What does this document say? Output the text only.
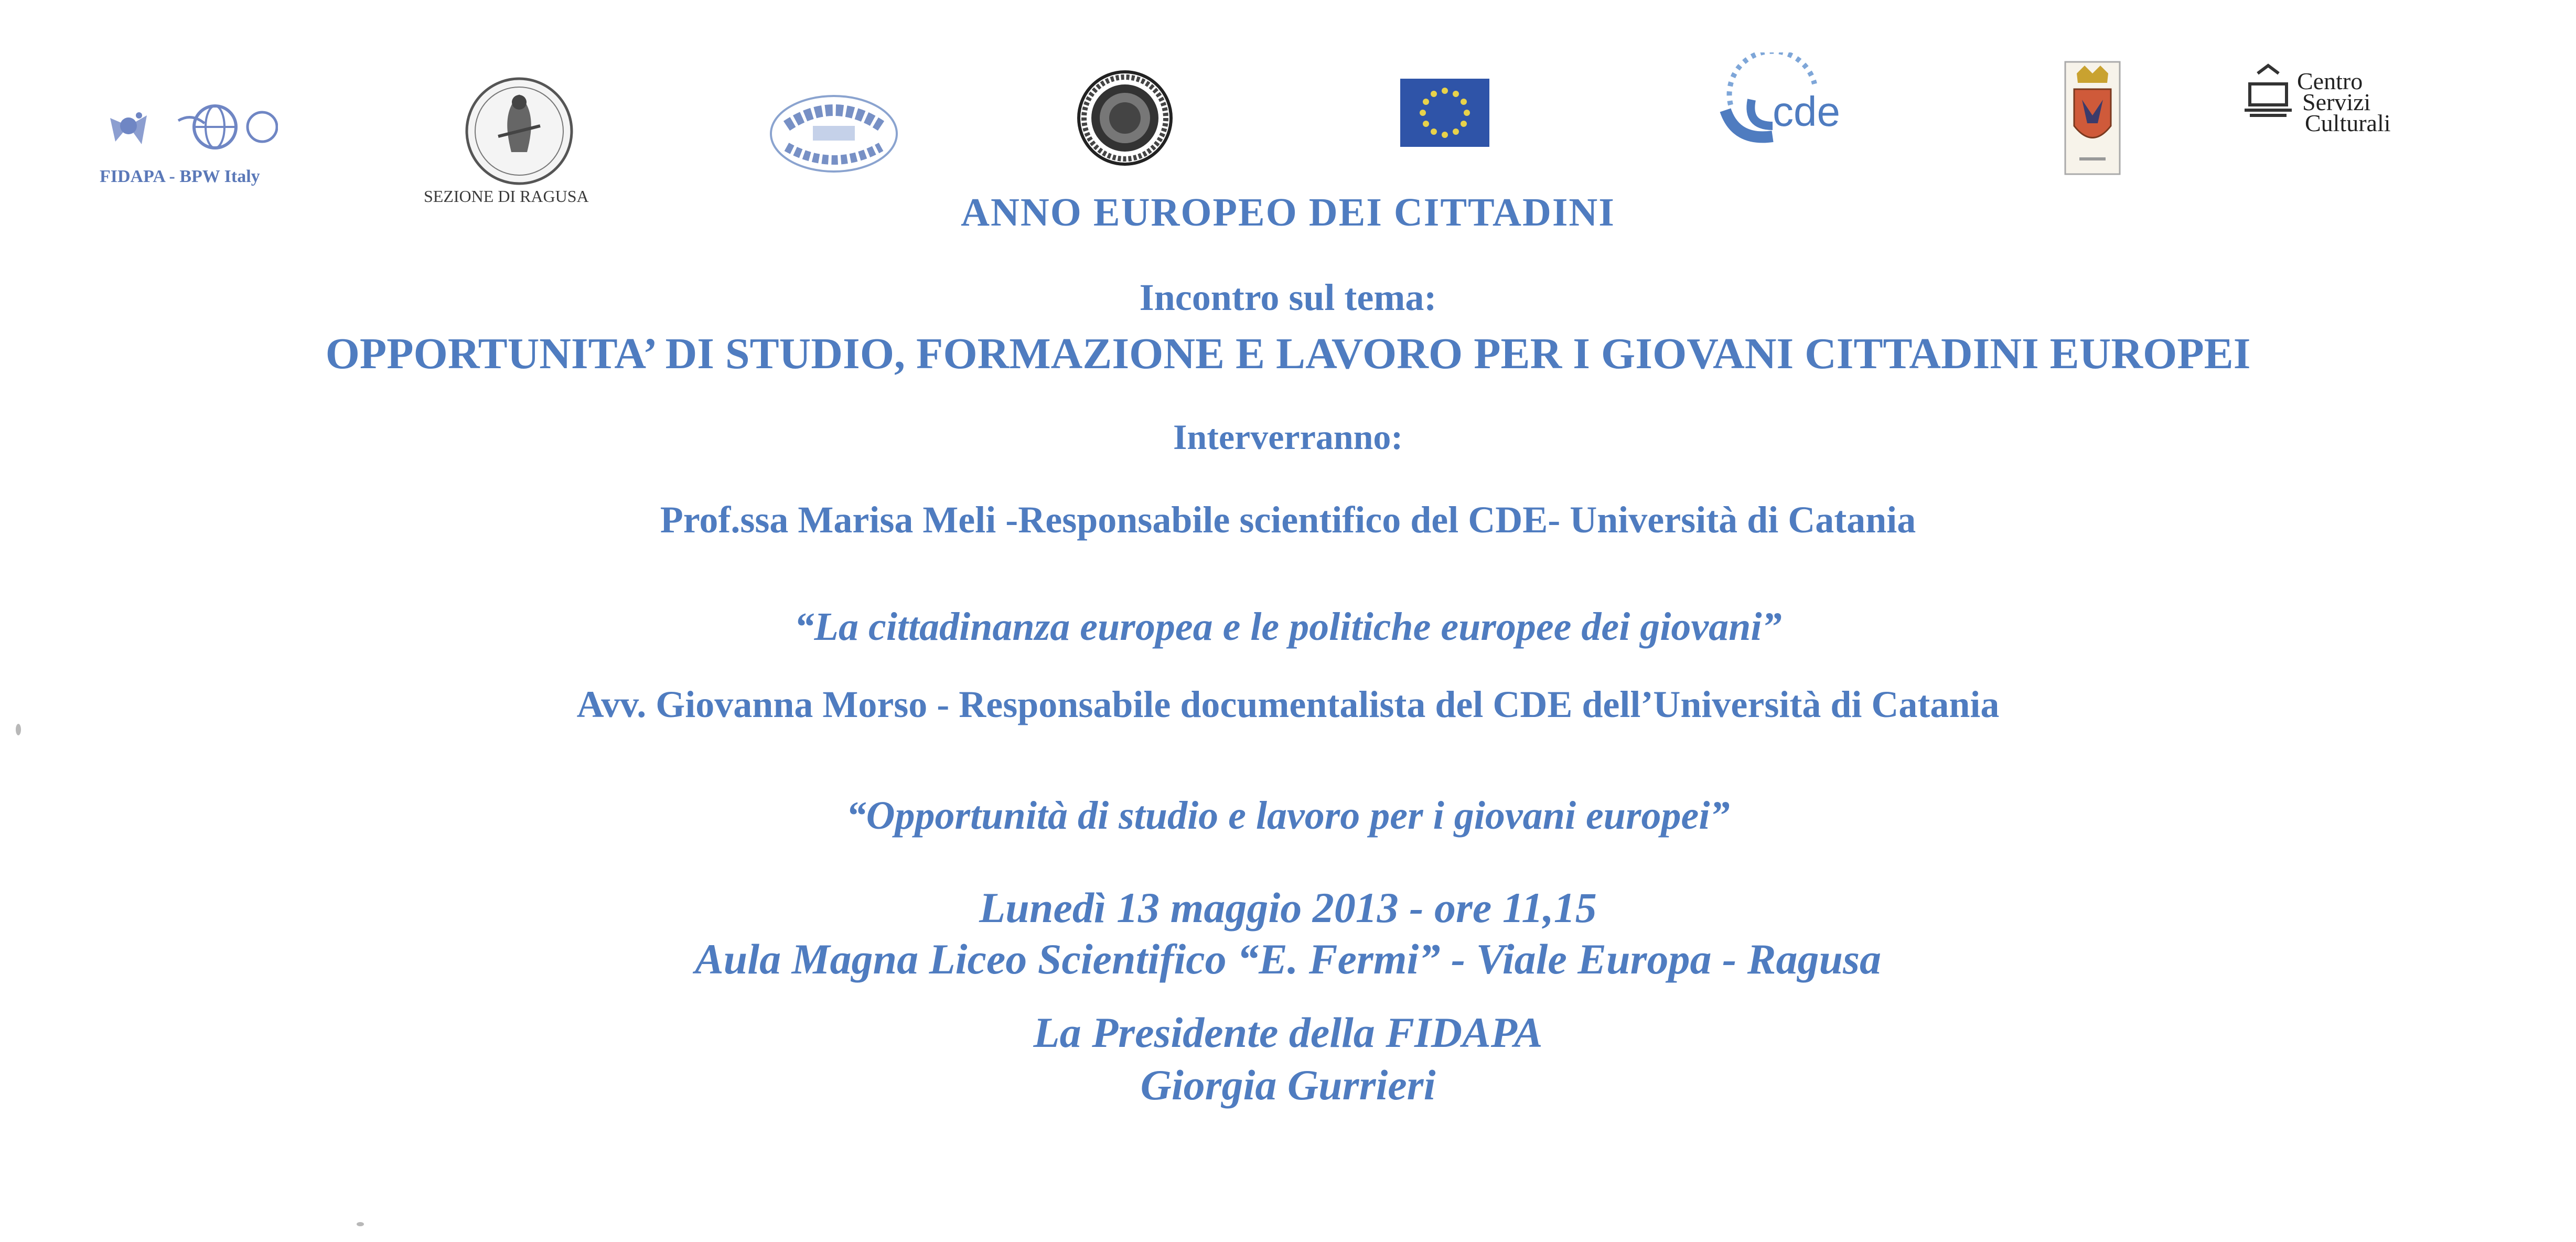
FIDAPA - BPW Italy
SEZIONE DI RAGUSA
cde
Centro
Servizi
Culturali
ANNO EUROPEO DEI CITTADINI
Incontro sul tema:
OPPORTUNITA’ DI STUDIO, FORMAZIONE E LAVORO PER I GIOVANI CITTADINI EUROPEI
Interverranno:
Prof.ssa Marisa Meli -Responsabile scientifico del CDE- Università di Catania
“La cittadinanza europea e le politiche europee dei giovani”
Avv. Giovanna Morso - Responsabile documentalista del CDE dell’Università di Catania
“Opportunità di studio e lavoro per i giovani europei”
Lunedì 13 maggio 2013 - ore 11,15
Aula Magna Liceo Scientifico “E. Fermi” - Viale Europa - Ragusa
La Presidente della FIDAPA
Giorgia Gurrieri
